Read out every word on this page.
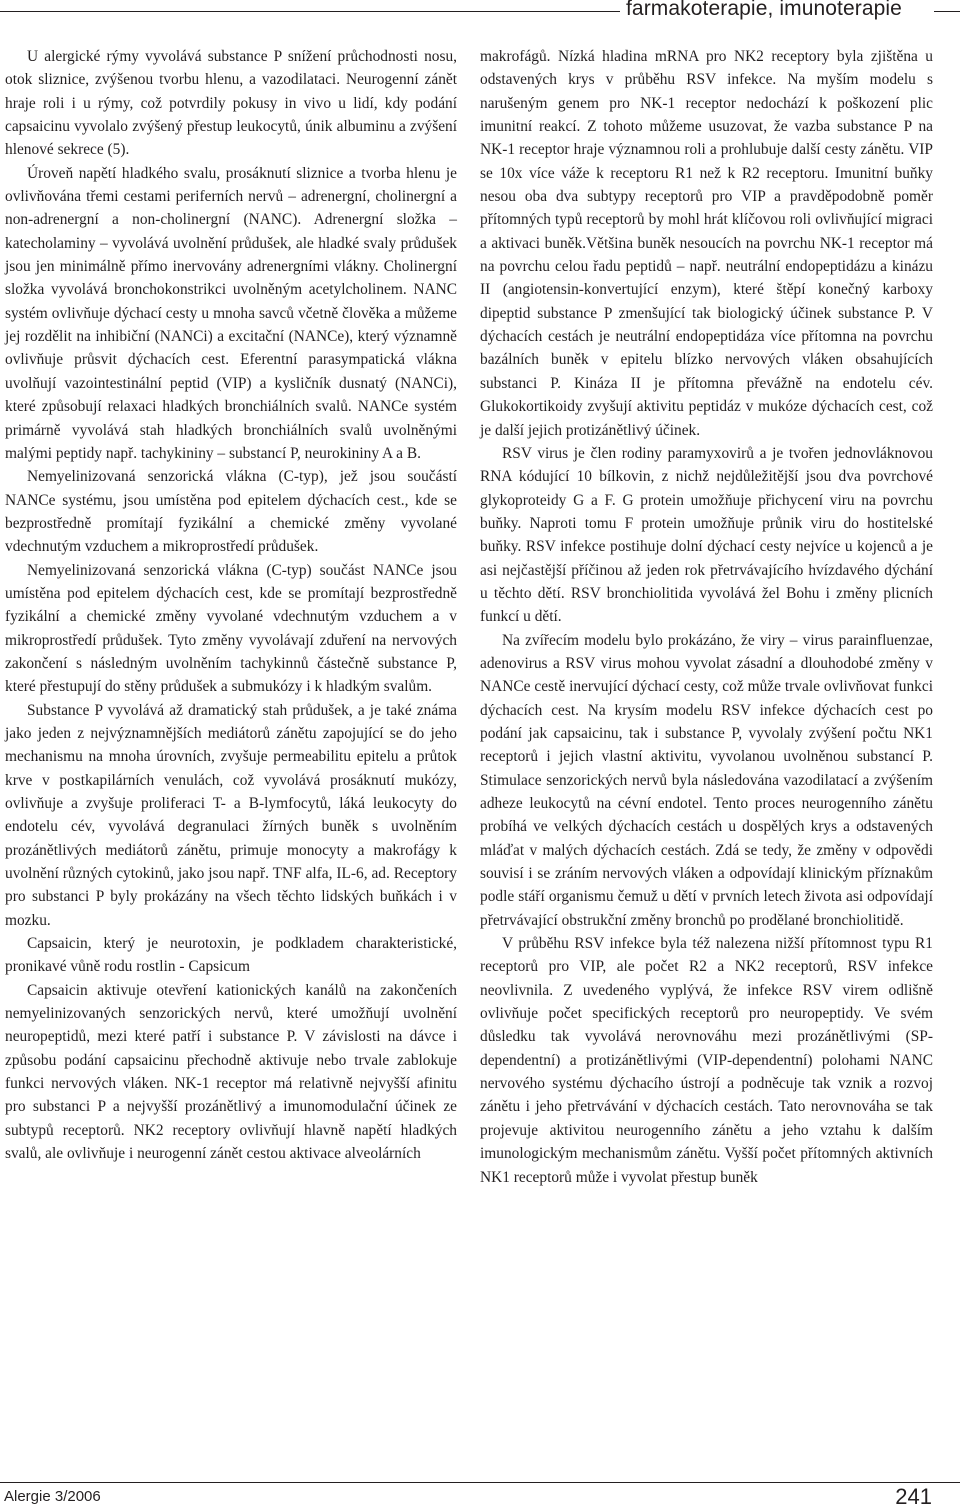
farmakoterapie, imunoterapie

U alergické rýmy vyvolává substance P snížení průchodnosti nosu, otok sliznice, zvýšenou tvorbu hlenu, a vazodilataci. Neurogenní zánět hraje roli i u rýmy, což potvrdily pokusy in vivo u lidí, kdy podání capsaicinu vyvolalo zvýšený přestup leukocytů, únik albuminu a zvýšení hlenové sekrece (5).

Úroveň napětí hladkého svalu, prosáknutí sliznice a tvorba hlenu je ovlivňována třemi cestami periferních nervů – adrenergní, cholinergní a non-adrenergní a non-cholinergní (NANC). Adrenergní složka – katecholaminy – vyvolává uvolnění průdušek, ale hladké svaly průdušek jsou jen minimálně přímo inervovány adrenergními vlákny. Cholinergní složka vyvolává bronchokonstrikci uvolněným acetylcholinem. NANC systém ovlivňuje dýchací cesty u mnoha savců včetně člověka a můžeme jej rozdělit na inhibiční (NANCi) a excitační (NANCe), který významně ovlivňuje průsvit dýchacích cest. Eferentní parasympatická vlákna uvolňují vazointestinální peptid (VIP) a kysličník dusnatý (NANCi), které způsobují relaxaci hladkých bronchiálních svalů. NANCe systém primárně vyvolává stah hladkých bronchiálních svalů uvolněnými malými peptidy např. tachykininy – substancí P, neurokininy A a B.

Nemyelinizovaná senzorická vlákna (C-typ), jež jsou součástí NANCe systému, jsou umístěna pod epitelem dýchacích cest., kde se bezprostředně promítají fyzikální a chemické změny vyvolané vdechnutým vzduchem a mikroprostředí průdušek.

Nemyelinizovaná senzorická vlákna (C-typ) součást NANCe jsou umístěna pod epitelem dýchacích cest, kde se promítají bezprostředně fyzikální a chemické změny vyvolané vdechnutým vzduchem a v mikroprostředí průdušek. Tyto změny vyvolávají zduření na nervových zakončení s následným uvolněním tachykinnů částečně substance P, které přestupují do stěny průdušek a submukózy i k hladkým svalům.

Substance P vyvolává až dramatický stah průdušek, a je také známa jako jeden z nejvýznamnějších mediátorů zánětu zapojující se do jeho mechanismu na mnoha úrovních, zvyšuje permeabilitu epitelu a průtok krve v postkapilárních venulách, což vyvolává prosáknutí mukózy, ovlivňuje a zvyšuje proliferaci T- a B-lymfocytů, láká leukocyty do endotelu cév, vyvolává degranulaci žírných buněk s uvolněním prozánětlivých mediátorů zánětu, primuje monocyty a makrofágy k uvolnění různých cytokinů, jako jsou např. TNF alfa, IL-6, ad. Receptory pro substanci P byly prokázány na všech těchto lidských buňkách i v mozku.

Capsaicin, který je neurotoxin, je podkladem charakteristické, pronikavé vůně rodu rostlin - Capsicum

Capsaicin aktivuje otevření kationických kanálů na zakončeních nemyelinizovaných senzorických nervů, které umožňují uvolnění neuropeptidů, mezi které patří i substance P. V závislosti na dávce i způsobu podání capsaicinu přechodně aktivuje nebo trvale zablokuje funkci nervových vláken. NK-1 receptor má relativně nejvyšší afinitu pro substanci P a nejvyšší prozánětlivý a imunomodulační účinek ze subtypů receptorů. NK2 receptory ovlivňují hlavně napětí hladkých svalů, ale ovlivňuje i neurogenní zánět cestou aktivace alveolárních

makrofágů. Nízká hladina mRNA pro NK2 receptory byla zjištěna u odstavených krys v průběhu RSV infekce. Na myším modelu s narušeným genem pro NK-1 receptor nedochází k poškození plic imunitní reakcí. Z tohoto můžeme usuzovat, že vazba substance P na NK-1 receptor hraje významnou roli a prohlubuje další cesty zánětu. VIP se 10x více váže k receptoru R1 než k R2 receptoru. Imunitní buňky nesou oba dva subtypy receptorů pro VIP a pravděpodobně poměr přítomných typů receptorů by mohl hrát klíčovou roli ovlivňující migraci a aktivaci buněk.Většina buněk nesoucích na povrchu NK-1 receptor má na povrchu celou řadu peptidů – např. neutrální endopeptidázu a kinázu II (angiotensin-konvertující enzym), které štěpí konečný karboxy dipeptid substance P zmenšující tak biologický účinek substance P. V dýchacích cestách je neutrální endopeptidáza více přítomna na povrchu bazálních buněk v epitelu blízko nervových vláken obsahujících substanci P. Kináza II je přítomna převážně na endotelu cév. Glukokortikoidy zvyšují aktivitu peptidáz v mukóze dýchacích cest, což je další jejich protizánětlivý účinek.

RSV virus je člen rodiny paramyxovirů a je tvořen jednovláknovou RNA kódující 10 bílkovin, z nichž nejdůležitější jsou dva povrchové glykoproteidy G a F. G protein umožňuje přichycení viru na povrchu buňky. Naproti tomu F protein umožňuje průnik viru do hostitelské buňky. RSV infekce postihuje dolní dýchací cesty nejvíce u kojenců a je asi nejčastější příčinou až jeden rok přetrvávajícího hvízdavého dýchání u těchto dětí. RSV bronchiolitida vyvolává žel Bohu i změny plicních funkcí u dětí.

Na zvířecím modelu bylo prokázáno, že viry – virus parainfluenzae, adenovirus a RSV virus mohou vyvolat zásadní a dlouhodobé změny v NANCe cestě inervující dýchací cesty, což může trvale ovlivňovat funkci dýchacích cest. Na krysím modelu RSV infekce dýchacích cest po podání jak capsaicinu, tak i substance P, vyvolaly zvýšení počtu NK1 receptorů i jejich vlastní aktivitu, vyvolanou uvolněnou substancí P. Stimulace senzorických nervů byla následována vazodilatací a zvýšením adheze leukocytů na cévní endotel. Tento proces neurogenního zánětu probíhá ve velkých dýchacích cestách u dospělých krys a odstavených mláďat v malých dýchacích cestách. Zdá se tedy, že změny v odpovědi souvisí i se zráním nervových vláken a odpovídají klinickým příznakům podle stáří organismu čemuž u dětí v prvních letech života asi odpovídají přetrvávající obstrukční změny bronchů po prodělané bronchiolitidě.

V průběhu RSV infekce byla též nalezena nižší přítomnost typu R1 receptorů pro VIP, ale počet R2 a NK2 receptorů, RSV infekce neovlivnila. Z uvedeného vyplývá, že infekce RSV virem odlišně ovlivňuje počet specifických receptorů pro neuropeptidy. Ve svém důsledku tak vyvolává nerovnováhu mezi prozánětlivými (SP-dependentní) a protizánětlivými (VIP-dependentní) polohami NANC nervového systému dýchacího ústrojí a podněcuje tak vznik a rozvoj zánětu i jeho přetrvávání v dýchacích cestách. Tato nerovnováha se tak projevuje aktivitou neurogenního zánětu a jeho vztahu k dalším imunologickým mechanismům zánětu. Vyšší počet přítomných aktivních NK1 receptorů může i vyvolat přestup buněk

Alergie 3/2006	241
